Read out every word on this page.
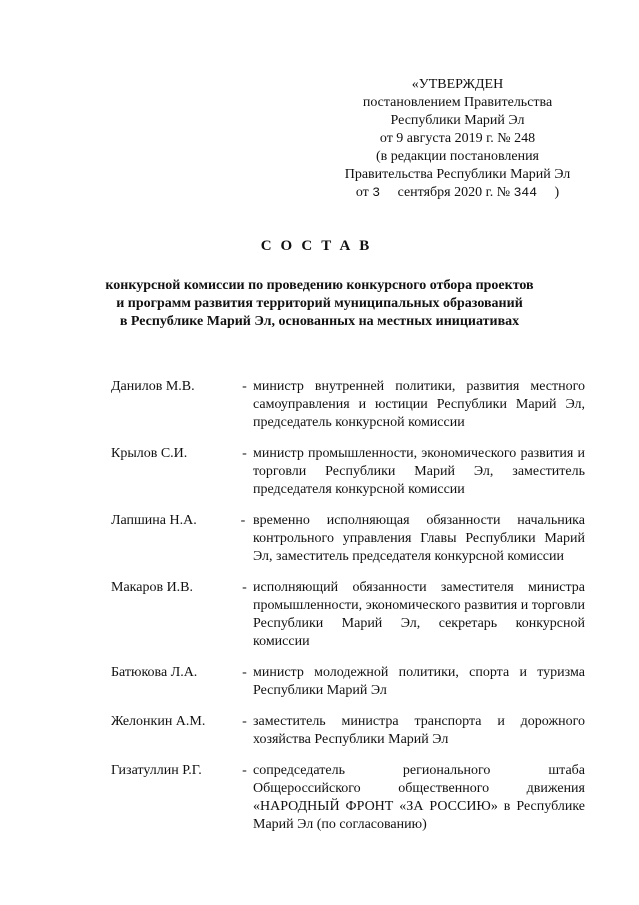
«УТВЕРЖДЕН
постановлением Правительства
Республики Марий Эл
от 9 августа 2019 г. № 248
(в редакции постановления
Правительства Республики Марий Эл
от 3 сентября 2020 г. № 344 )
СОСТАВ
конкурсной комиссии по проведению конкурсного отбора проектов
и программ развития территорий муниципальных образований
в Республике Марий Эл, основанных на местных инициативах
Данилов М.В.	- министр внутренней политики, развития местного самоуправления и юстиции Республики Марий Эл, председатель конкурсной комиссии
Крылов С.И.	- министр промышленности, экономического развития и торговли Республики Марий Эл, заместитель председателя конкурсной комиссии
Лапшина Н.А.	- временно исполняющая обязанности начальника контрольного управления Главы Республики Марий Эл, заместитель председателя конкурсной комиссии
Макаров И.В.	- исполняющий обязанности заместителя министра промышленности, экономического развития и торговли Республики Марий Эл, секретарь конкурсной комиссии
Батюкова Л.А.	- министр молодежной политики, спорта и туризма Республики Марий Эл
Желонкин А.М.	- заместитель министра транспорта и дорожного хозяйства Республики Марий Эл
Гизатуллин Р.Г.	- сопредседатель регионального штаба Общероссийского общественного движения «НАРОДНЫЙ ФРОНТ «ЗА РОССИЮ» в Республике Марий Эл (по согласованию)
